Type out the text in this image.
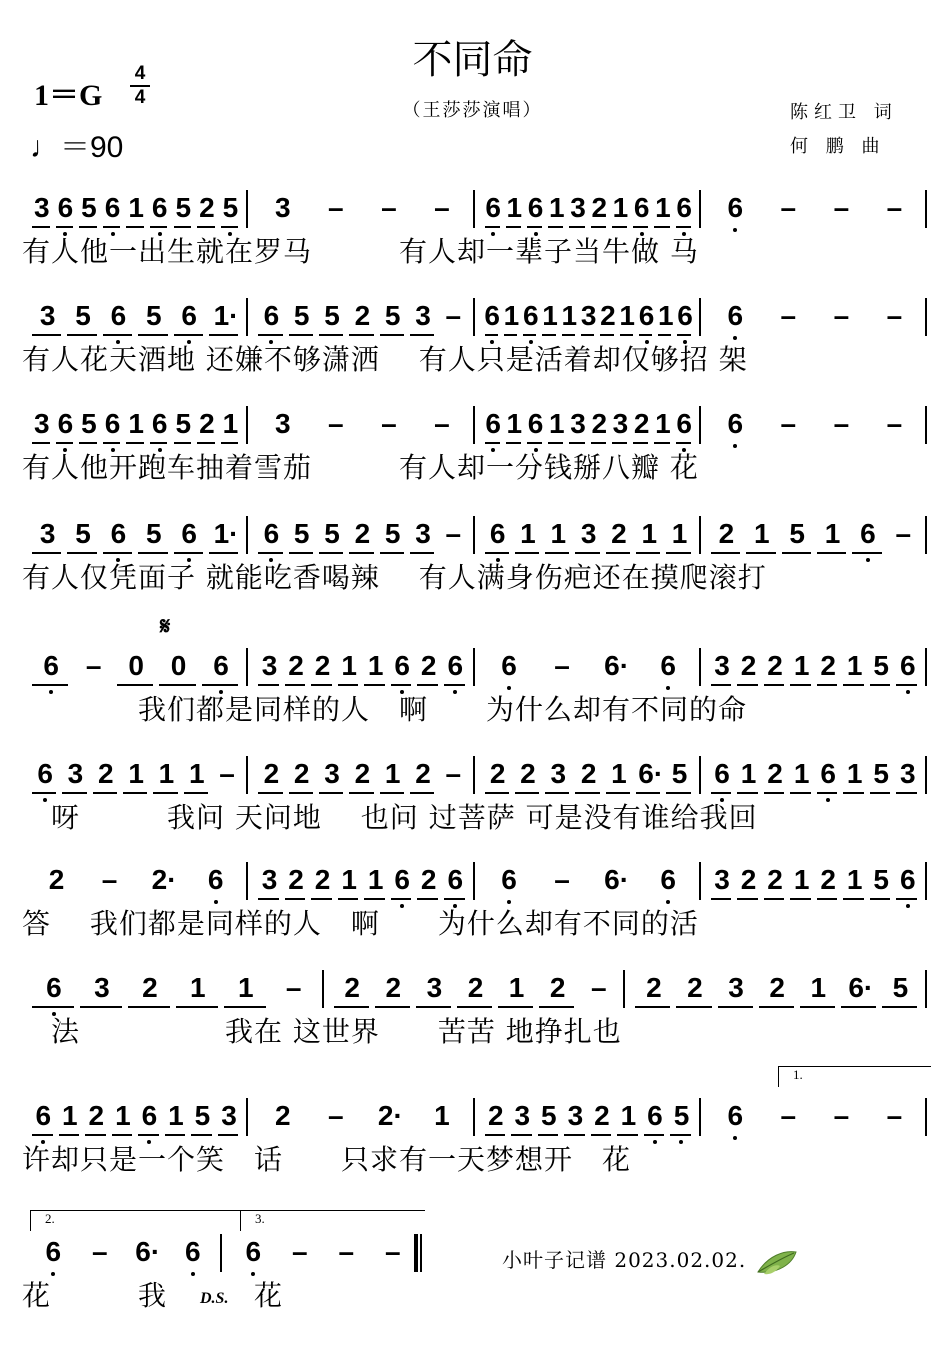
不同命
（王莎莎演唱）
1＝G
4
4
♩＝90
陈红卫 词
何 鹏 曲
3 6 5 6 1 6 5 2 5 3 – – – 6 1 6 1 3 2 1 6 1 6 6 – – –
有人他一出生就在罗马　　　有人却一辈子当牛做 马
3 5 6 5 6 1· 6 5 5 2 5 3 – 6 1 6 1 1 3 2 1 6 1 6 6 – – –
有人花天酒地 还嫌不够潇洒　 有人只是活着却仅够招 架
3 6 5 6 1 6 5 2 1 3 – – – 6 1 6 1 3 2 3 2 1 6 6 – – –
有人他开跑车抽着雪茄　　　有人却一分钱掰八瓣 花
3 5 6 5 6 1· 6 5 5 2 5 3 – 6 1 1 3 2 1 1 2 1 5 1 6 –
有人仅凭面子 就能吃香喝辣　 有人满身伤疤还在摸爬滚打
6 – 0 0 6 3 2 2 1 1 6 2 6 6 – 6· 6 3 2 2 1 2 1 5 6
　　　　我们都是同样的人　啊　　为什么却有不同的命
6 3 2 1 1 1 – 2 2 3 2 1 2 – 2 2 3 2 1 6· 5 6 1 2 1 6 1 5 3
　呀　　　我问 天问地　 也问 过菩萨 可是没有谁给我回
2 – 2· 6 3 2 2 1 1 6 2 6 6 – 6· 6 3 2 2 1 2 1 5 6
答　 我们都是同样的人　啊　　为什么却有不同的活
6 3 2 1 1 – 2 2 3 2 1 2 – 2 2 3 2 1 6· 5
　法　　　　　我在 这世界　　苦苦 地挣扎也
6 1 2 1 6 1 5 3 2 – 2· 1 2 3 5 3 2 1 6 5 6 – – –
许却只是一个笑　话　　只求有一天梦想开　花
6 – 6· 6 6 – – –
花　　　我 D.S. 花
𝄋
1.
2.	3.
小叶子记谱 2023.02.02.
